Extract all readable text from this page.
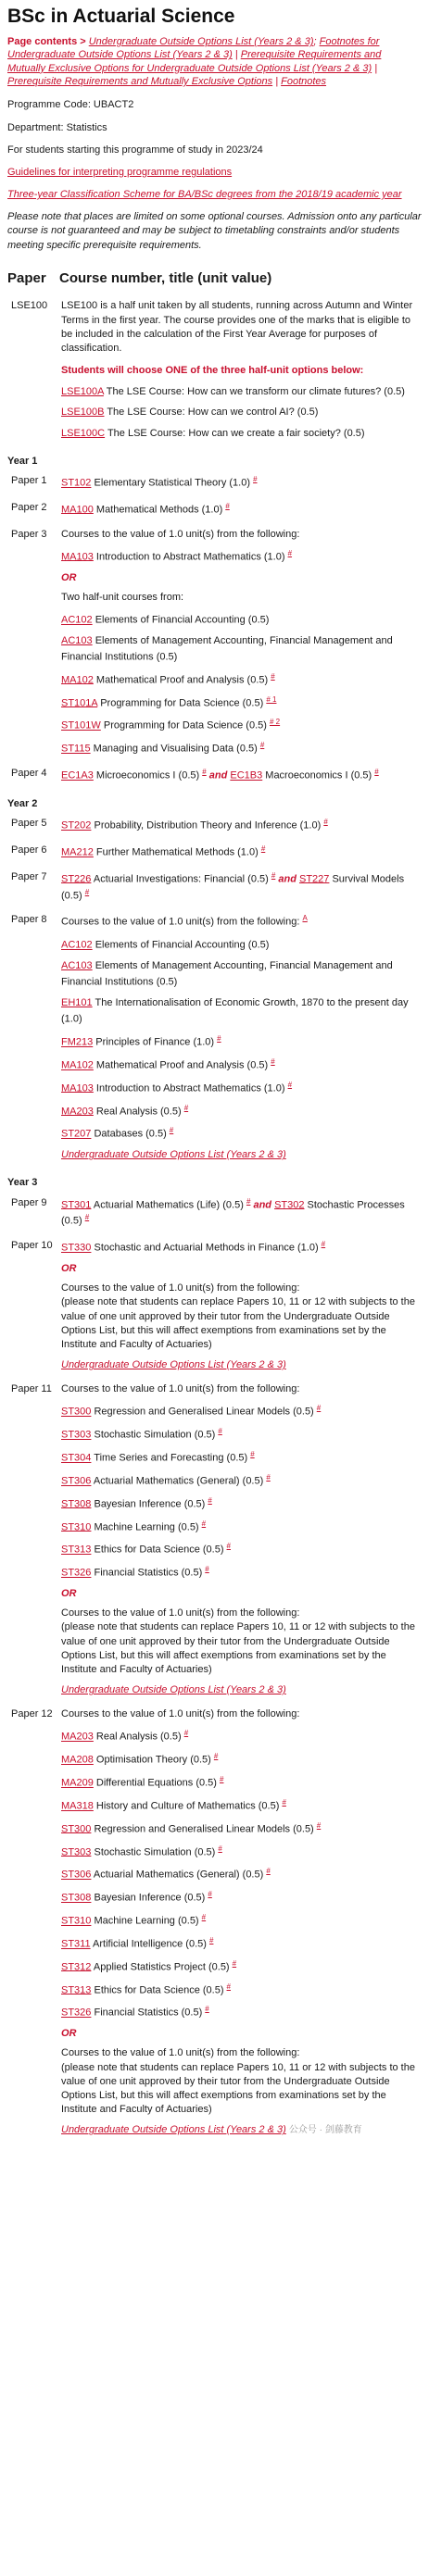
BSc in Actuarial Science
Page contents > Undergraduate Outside Options List (Years 2 & 3); Footnotes for Undergraduate Outside Options List (Years 2 & 3) | Prerequisite Requirements and Mutually Exclusive Options for Undergraduate Outside Options List (Years 2 & 3) | Prerequisite Requirements and Mutually Exclusive Options | Footnotes

Programme Code: UBACT2

Department: Statistics

For students starting this programme of study in 2023/24

Guidelines for interpreting programme regulations

Three-year Classification Scheme for BA/BSc degrees from the 2018/19 academic year

Please note that places are limited on some optional courses. Admission onto any particular course is not guaranteed and may be subject to timetabling constraints and/or students meeting specific prerequisite requirements.

Paper Course number, title (unit value)
LSE100	LSE100 is a half unit taken by all students, running across Autumn and Winter Terms in the first year. The course provides one of the marks that is eligible to be included in the calculation of the First Year Average for purposes of classification.

Students will choose ONE of the three half-unit options below:

LSE100A The LSE Course: How can we transform our climate futures? (0.5)

LSE100B The LSE Course: How can we control AI? (0.5)

LSE100C The LSE Course: How can we create a fair society? (0.5)

Year 1
Paper 1	ST102 Elementary Statistical Theory (1.0) #

Paper 2	MA100 Mathematical Methods (1.0) #

Paper 3	Courses to the value of 1.0 unit(s) from the following:

MA103 Introduction to Abstract Mathematics (1.0) #

OR

Two half-unit courses from:

AC102 Elements of Financial Accounting (0.5)

AC103 Elements of Management Accounting, Financial Management and Financial Institutions (0.5)

MA102 Mathematical Proof and Analysis (0.5) #

ST101A Programming for Data Science (0.5) $^{\# 1}$

ST101W Programming for Data Science (0.5) $^{\# 2}$

ST115 Managing and Visualising Data (0.5) #

Paper 4	EC1A3 Microeconomics I (0.5) # and EC1B3 Macroeconomics I (0.5) #

Year 2
Paper 5	ST202 Probability, Distribution Theory and Inference (1.0) #

Paper 6	MA212 Further Mathematical Methods (1.0) #

Paper 7	ST226 Actuarial Investigations: Financial (0.5) # and ST227 Survival Models (0.5) #

Paper 8	Courses to the value of 1.0 unit(s) from the following: $^A$

AC102 Elements of Financial Accounting (0.5)

AC103 Elements of Management Accounting, Financial Management and Financial Institutions (0.5)

EH101 The Internationalisation of Economic Growth, 1870 to the present day (1.0)

FM213 Principles of Finance (1.0) #

MA102 Mathematical Proof and Analysis (0.5) #

MA103 Introduction to Abstract Mathematics (1.0) #

MA203 Real Analysis (0.5) #

ST207 Databases (0.5) #

Undergraduate Outside Options List (Years 2 & 3)

Year 3
Paper 9	ST301 Actuarial Mathematics (Life) (0.5) # and ST302 Stochastic Processes (0.5) #

Paper 10 ST330 Stochastic and Actuarial Methods in Finance (1.0) #

OR

Courses to the value of 1.0 unit(s) from the following:
(please note that students can replace Papers 10, 11 or 12 with subjects to the value of one unit approved by their tutor from the Undergraduate Outside Options List, but this will affect exemptions from examinations set by the Institute and Faculty of Actuaries)

Undergraduate Outside Options List (Years 2 & 3)

Paper 11 Courses to the value of 1.0 unit(s) from the following:

ST300 Regression and Generalised Linear Models (0.5) #

ST303 Stochastic Simulation (0.5) #

ST304 Time Series and Forecasting (0.5) #

ST306 Actuarial Mathematics (General) (0.5) #

ST308 Bayesian Inference (0.5) #

ST310 Machine Learning (0.5) #

ST313 Ethics for Data Science (0.5) #

ST326 Financial Statistics (0.5) #

OR

Courses to the value of 1.0 unit(s) from the following:
(please note that students can replace Papers 10, 11 or 12 with subjects to the value of one unit approved by their tutor from the Undergraduate Outside Options List, but this will affect exemptions from examinations set by the Institute and Faculty of Actuaries)

Undergraduate Outside Options List (Years 2 & 3)

Paper 12 Courses to the value of 1.0 unit(s) from the following:

MA203 Real Analysis (0.5) #

MA208 Optimisation Theory (0.5) #

MA209 Differential Equations (0.5) #

MA318 History and Culture of Mathematics (0.5) #

ST300 Regression and Generalised Linear Models (0.5) #

ST303 Stochastic Simulation (0.5) #

ST306 Actuarial Mathematics (General) (0.5) #

ST308 Bayesian Inference (0.5) #

ST310 Machine Learning (0.5) #

ST311 Artificial Intelligence (0.5) #

ST312 Applied Statistics Project (0.5) #

ST313 Ethics for Data Science (0.5) #

ST326 Financial Statistics (0.5) #

OR

Courses to the value of 1.0 unit(s) from the following:
(please note that students can replace Papers 10, 11 or 12 with subjects to the value of one unit approved by their tutor from the Undergraduate Outside Options List, but this will affect exemptions from examinations set by the Institute and Faculty of Actuaries)

Undergraduate Outside Options List (Years 2 & 3) 公众号 · 剑藤教育
